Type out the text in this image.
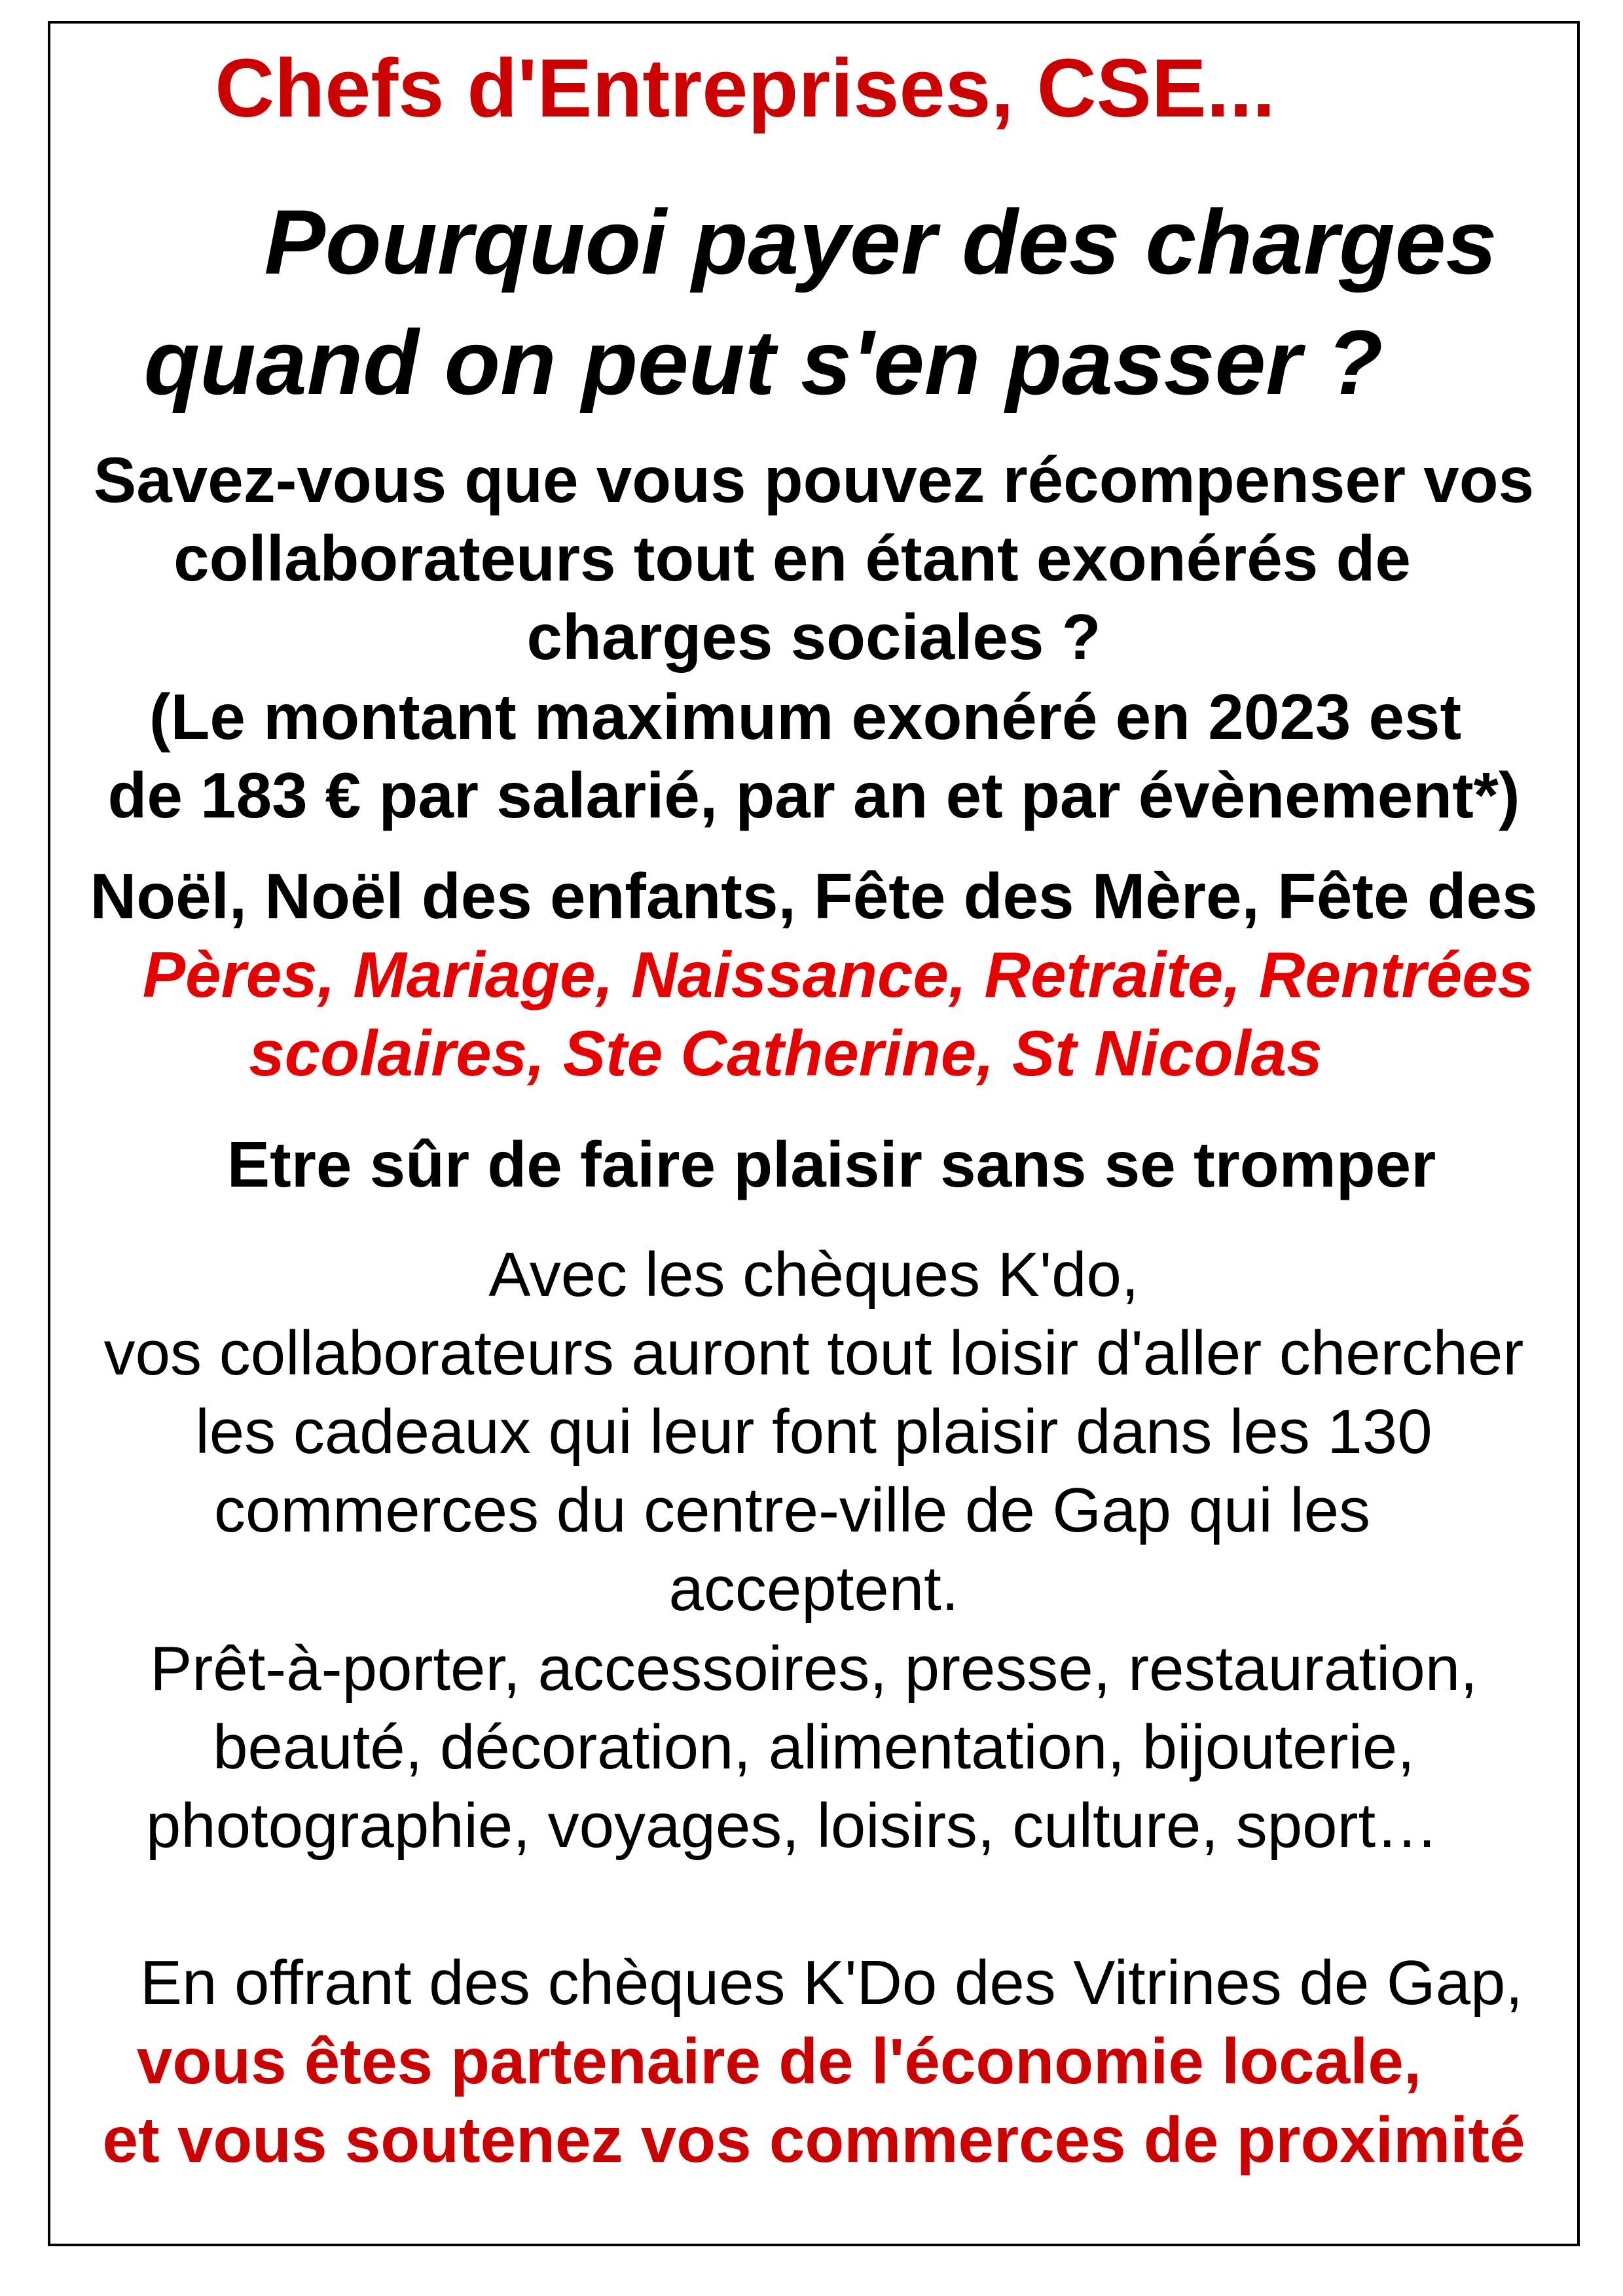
Chefs d'Entreprises, CSE...
Pourquoi payer des charges
quand on peut s'en passer ?
Savez-vous que vous pouvez récompenser vos
collaborateurs tout en étant exonérés de
charges sociales ?
(Le montant maximum exonéré en 2023 est
de 183 € par salarié, par an et par évènement*)
Noël, Noël des enfants, Fête des Mère, Fête des
Pères, Mariage, Naissance, Retraite, Rentrées
scolaires, Ste Catherine, St Nicolas
Etre sûr de faire plaisir sans se tromper
Avec les chèques K'do,
vos collaborateurs auront tout loisir d'aller chercher
les cadeaux qui leur font plaisir dans les 130
commerces du centre-ville de Gap qui les
acceptent.
Prêt-à-porter, accessoires, presse, restauration,
beauté, décoration, alimentation, bijouterie,
photographie, voyages, loisirs, culture, sport…
En offrant des chèques K'Do des Vitrines de Gap,
vous êtes partenaire de l'économie locale,
et vous soutenez vos commerces de proximité
